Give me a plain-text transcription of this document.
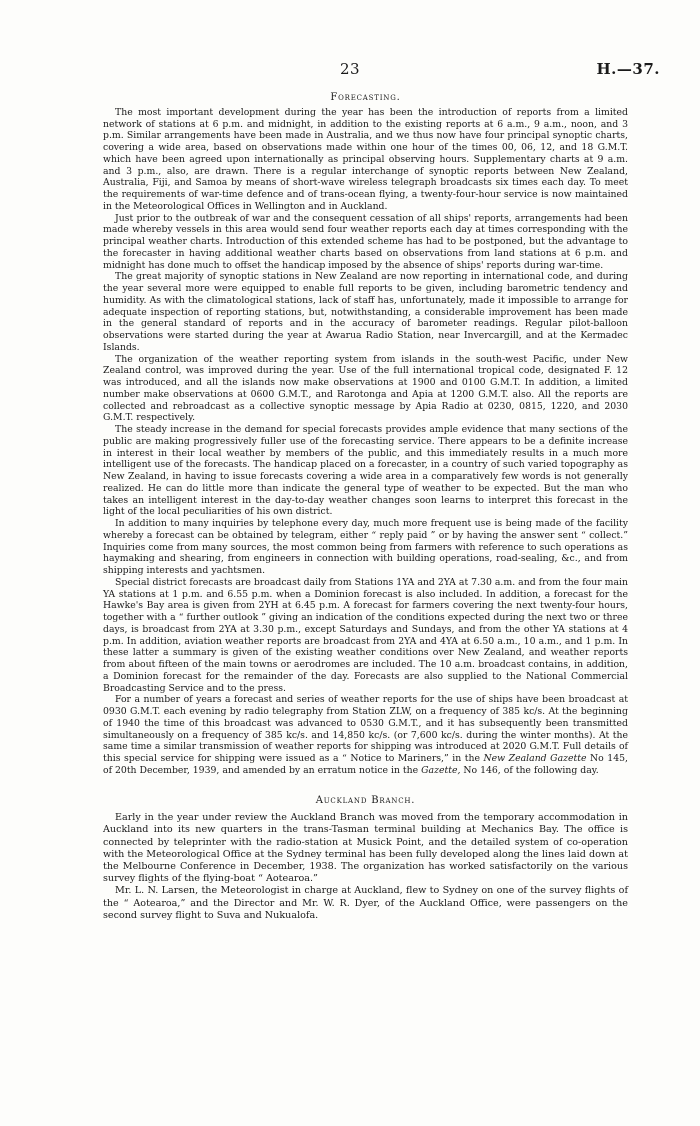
23	H.—37.
Forecasting.

The most important development during the year has been the introduction of reports from a limited network of stations at 6 p.m. and midnight, in addition to the existing reports at 6 a.m., 9 a.m., noon, and 3 p.m. Similar arrangements have been made in Australia, and we thus now have four principal synoptic charts, covering a wide area, based on observations made within one hour of the times 00, 06, 12, and 18 G.M.T. which have been agreed upon internationally as principal observing hours. Supplementary charts at 9 a.m. and 3 p.m., also, are drawn. There is a regular interchange of synoptic reports between New Zealand, Australia, Fiji, and Samoa by means of short-wave wireless telegraph broadcasts six times each day. To meet the requirements of war-time defence and of trans-ocean flying, a twenty-four-hour service is now maintained in the Meteorological Offices in Wellington and in Auckland.

Just prior to the outbreak of war and the consequent cessation of all ships' reports, arrangements had been made whereby vessels in this area would send four weather reports each day at times corresponding with the principal weather charts. Introduction of this extended scheme has had to be postponed, but the advantage to the forecaster in having additional weather charts based on observations from land stations at 6 p.m. and midnight has done much to offset the handicap imposed by the absence of ships' reports during war-time.

The great majority of synoptic stations in New Zealand are now reporting in international code, and during the year several more were equipped to enable full reports to be given, including barometric tendency and humidity. As with the climatological stations, lack of staff has, unfortunately, made it impossible to arrange for adequate inspection of reporting stations, but, notwithstanding, a considerable improvement has been made in the general standard of reports and in the accuracy of barometer readings. Regular pilot-balloon observations were started during the year at Awarua Radio Station, near Invercargill, and at the Kermadec Islands.

The organization of the weather reporting system from islands in the south-west Pacific, under New Zealand control, was improved during the year. Use of the full international tropical code, designated F. 12 was introduced, and all the islands now make observations at 1900 and 0100 G.M.T. In addition, a limited number make observations at 0600 G.M.T., and Rarotonga and Apia at 1200 G.M.T. also. All the reports are collected and rebroadcast as a collective synoptic message by Apia Radio at 0230, 0815, 1220, and 2030 G.M.T. respectively.

The steady increase in the demand for special forecasts provides ample evidence that many sections of the public are making progressively fuller use of the forecasting service. There appears to be a definite increase in interest in their local weather by members of the public, and this immediately results in a much more intelligent use of the forecasts. The handicap placed on a forecaster, in a country of such varied topography as New Zealand, in having to issue forecasts covering a wide area in a comparatively few words is not generally realized. He can do little more than indicate the general type of weather to be expected. But the man who takes an intelligent interest in the day-to-day weather changes soon learns to interpret this forecast in the light of the local peculiarities of his own district.

In addition to many inquiries by telephone every day, much more frequent use is being made of the facility whereby a forecast can be obtained by telegram, either “ reply paid ” or by having the answer sent “ collect.” Inquiries come from many sources, the most common being from farmers with reference to such operations as haymaking and shearing, from engineers in connection with building operations, road-sealing, &c., and from shipping interests and yachtsmen.

Special district forecasts are broadcast daily from Stations 1YA and 2YA at 7.30 a.m. and from the four main YA stations at 1 p.m. and 6.55 p.m. when a Dominion forecast is also included. In addition, a forecast for the Hawke's Bay area is given from 2YH at 6.45 p.m. A forecast for farmers covering the next twenty-four hours, together with a “ further outlook ” giving an indication of the conditions expected during the next two or three days, is broadcast from 2YA at 3.30 p.m., except Saturdays and Sundays, and from the other YA stations at 4 p.m. In addition, aviation weather reports are broadcast from 2YA and 4YA at 6.50 a.m., 10 a.m., and 1 p.m. In these latter a summary is given of the existing weather conditions over New Zealand, and weather reports from about fifteen of the main towns or aerodromes are included. The 10 a.m. broadcast contains, in addition, a Dominion forecast for the remainder of the day. Forecasts are also supplied to the National Commercial Broadcasting Service and to the press.

For a number of years a forecast and series of weather reports for the use of ships have been broadcast at 0930 G.M.T. each evening by radio telegraphy from Station ZLW, on a frequency of 385 kc/s. At the beginning of 1940 the time of this broadcast was advanced to 0530 G.M.T., and it has subsequently been transmitted simultaneously on a frequency of 385 kc/s. and 14,850 kc/s. (or 7,600 kc/s. during the winter months). At the same time a similar transmission of weather reports for shipping was introduced at 2020 G.M.T. Full details of this special service for shipping were issued as a “ Notice to Mariners,” in the New Zealand Gazette No 145, of 20th December, 1939, and amended by an erratum notice in the Gazette, No 146, of the following day.

Auckland Branch.

Early in the year under review the Auckland Branch was moved from the temporary accommodation in Auckland into its new quarters in the trans-Tasman terminal building at Mechanics Bay. The office is connected by teleprinter with the radio-station at Musick Point, and the detailed system of co-operation with the Meteorological Office at the Sydney terminal has been fully developed along the lines laid down at the Melbourne Conference in December, 1938. The organization has worked satisfactorily on the various survey flights of the flying-boat “ Aotearoa.”

Mr. L. N. Larsen, the Meteorologist in charge at Auckland, flew to Sydney on one of the survey flights of the “ Aotearoa,” and the Director and Mr. W. R. Dyer, of the Auckland Office, were passengers on the second survey flight to Suva and Nukualofa.
